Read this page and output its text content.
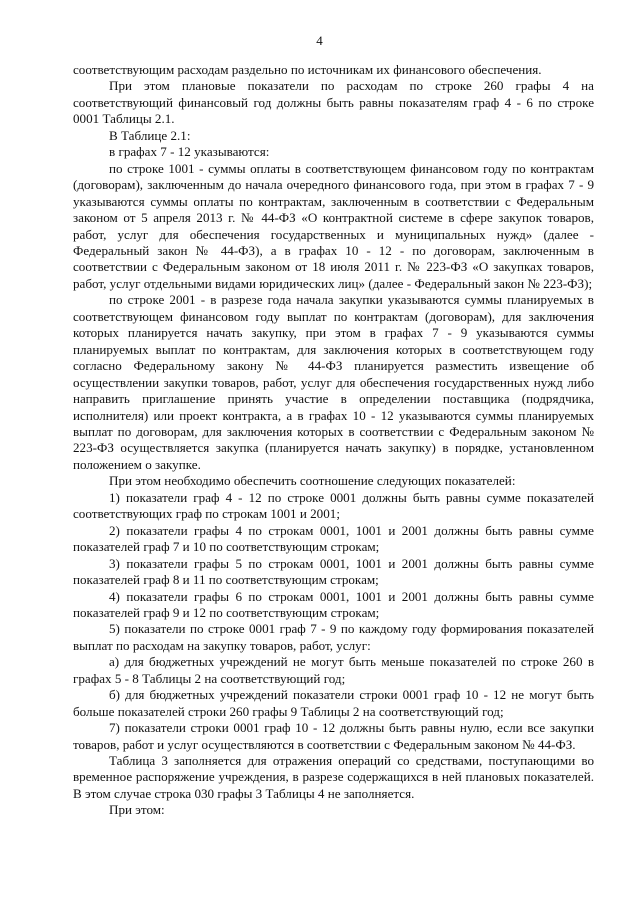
4

соответствующим расходам раздельно по источникам их финансового обеспечения.

При этом плановые показатели по расходам по строке 260 графы 4 на соответствующий финансовый год должны быть равны показателям граф 4 - 6 по строке 0001 Таблицы 2.1.

В Таблице 2.1:

в графах 7 - 12 указываются:

по строке 1001 - суммы оплаты в соответствующем финансовом году по контрактам (договорам), заключенным до начала очередного финансового года, при этом в графах 7 - 9 указываются суммы оплаты по контрактам, заключенным в соответствии с Федеральным законом от 5 апреля 2013 г. № 44-ФЗ «О контрактной системе в сфере закупок товаров, работ, услуг для обеспечения государственных и муниципальных нужд» (далее - Федеральный закон № 44-ФЗ), а в графах 10 - 12 - по договорам, заключенным в соответствии с Федеральным законом от 18 июля 2011 г. № 223-ФЗ «О закупках товаров, работ, услуг отдельными видами юридических лиц» (далее - Федеральный закон № 223-ФЗ);

по строке 2001 - в разрезе года начала закупки указываются суммы планируемых в соответствующем финансовом году выплат по контрактам (договорам), для заключения которых планируется начать закупку, при этом в графах 7 - 9 указываются суммы планируемых выплат по контрактам, для заключения которых в соответствующем году согласно Федеральному закону № 44-ФЗ планируется разместить извещение об осуществлении закупки товаров, работ, услуг для обеспечения государственных нужд либо направить приглашение принять участие в определении поставщика (подрядчика, исполнителя) или проект контракта, а в графах 10 - 12 указываются суммы планируемых выплат по договорам, для заключения которых в соответствии с Федеральным законом № 223-ФЗ осуществляется закупка (планируется начать закупку) в порядке, установленном положением о закупке.

При этом необходимо обеспечить соотношение следующих показателей:

1) показатели граф 4 - 12 по строке 0001 должны быть равны сумме показателей соответствующих граф по строкам 1001 и 2001;

2) показатели графы 4 по строкам 0001, 1001 и 2001 должны быть равны сумме показателей граф 7 и 10 по соответствующим строкам;

3) показатели графы 5 по строкам 0001, 1001 и 2001 должны быть равны сумме показателей граф 8 и 11 по соответствующим строкам;

4) показатели графы 6 по строкам 0001, 1001 и 2001 должны быть равны сумме показателей граф 9 и 12 по соответствующим строкам;

5) показатели по строке 0001 граф 7 - 9 по каждому году формирования показателей выплат по расходам на закупку товаров, работ, услуг:

а) для бюджетных учреждений не могут быть меньше показателей по строке 260 в графах 5 - 8 Таблицы 2 на соответствующий год;

б) для бюджетных учреждений показатели строки 0001 граф 10 - 12 не могут быть больше показателей строки 260 графы 9 Таблицы 2 на соответствующий год;

7) показатели строки 0001 граф 10 - 12 должны быть равны нулю, если все закупки товаров, работ и услуг осуществляются в соответствии с Федеральным законом № 44-ФЗ.

Таблица 3 заполняется для отражения операций со средствами, поступающими во временное распоряжение учреждения, в разрезе содержащихся в ней плановых показателей. В этом случае строка 030 графы 3 Таблицы 4 не заполняется.

При этом:
